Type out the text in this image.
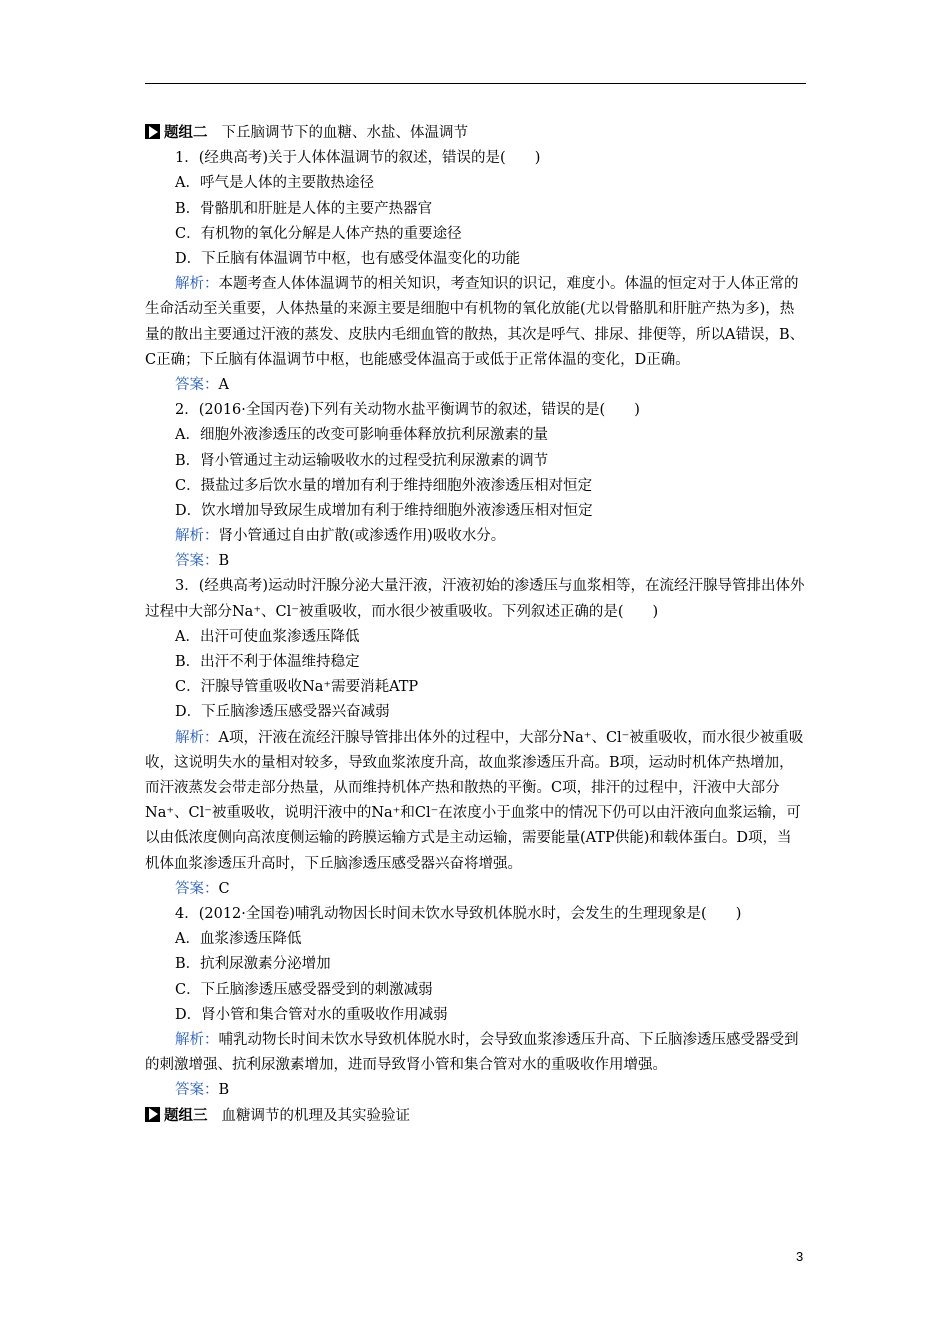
题组二 下丘脑调节下的血糖、水盐、体温调节
1．(经典高考)关于人体体温调节的叙述，错误的是(　　)
A．呼气是人体的主要散热途径
B．骨骼肌和肝脏是人体的主要产热器官
C．有机物的氧化分解是人体产热的重要途径
D．下丘脑有体温调节中枢，也有感受体温变化的功能
解析：本题考查人体体温调节的相关知识，考查知识的识记，难度小。体温的恒定对于人体正常的生命活动至关重要，人体热量的来源主要是细胞中有机物的氧化放能(尤以骨骼肌和肝脏产热为多)，热量的散出主要通过汗液的蒸发、皮肤内毛细血管的散热，其次是呼气、排尿、排便等，所以A错误，B、C正确；下丘脑有体温调节中枢，也能感受体温高于或低于正常体温的变化，D正确。
答案：A
2．(2016·全国丙卷)下列有关动物水盐平衡调节的叙述，错误的是(　　)
A．细胞外液渗透压的改变可影响垂体释放抗利尿激素的量
B．肾小管通过主动运输吸收水的过程受抗利尿激素的调节
C．摄盐过多后饮水量的增加有利于维持细胞外液渗透压相对恒定
D．饮水增加导致尿生成增加有利于维持细胞外液渗透压相对恒定
解析：肾小管通过自由扩散(或渗透作用)吸收水分。
答案：B
3．(经典高考)运动时汗腺分泌大量汗液，汗液初始的渗透压与血浆相等，在流经汗腺导管排出体外过程中大部分Na⁺、Cl⁻被重吸收，而水很少被重吸收。下列叙述正确的是(　　)
A．出汗可使血浆渗透压降低
B．出汗不利于体温维持稳定
C．汗腺导管重吸收Na⁺需要消耗ATP
D．下丘脑渗透压感受器兴奋减弱
解析：A项，汗液在流经汗腺导管排出体外的过程中，大部分Na⁺、Cl⁻被重吸收，而水很少被重吸收，这说明失水的量相对较多，导致血浆浓度升高，故血浆渗透压升高。B项，运动时机体产热增加，而汗液蒸发会带走部分热量，从而维持机体产热和散热的平衡。C项，排汗的过程中，汗液中大部分Na⁺、Cl⁻被重吸收，说明汗液中的Na⁺和Cl⁻在浓度小于血浆中的情况下仍可以由汗液向血浆运输，可以由低浓度侧向高浓度侧运输的跨膜运输方式是主动运输，需要能量(ATP供能)和载体蛋白。D项，当机体血浆渗透压升高时，下丘脑渗透压感受器兴奋将增强。
答案：C
4．(2012·全国卷)哺乳动物因长时间未饮水导致机体脱水时，会发生的生理现象是(　　)
A．血浆渗透压降低
B．抗利尿激素分泌增加
C．下丘脑渗透压感受器受到的刺激减弱
D．肾小管和集合管对水的重吸收作用减弱
解析：哺乳动物长时间未饮水导致机体脱水时，会导致血浆渗透压升高、下丘脑渗透压感受器受到的刺激增强、抗利尿激素增加，进而导致肾小管和集合管对水的重吸收作用增强。
答案：B
题组三 血糖调节的机理及其实验验证
3
